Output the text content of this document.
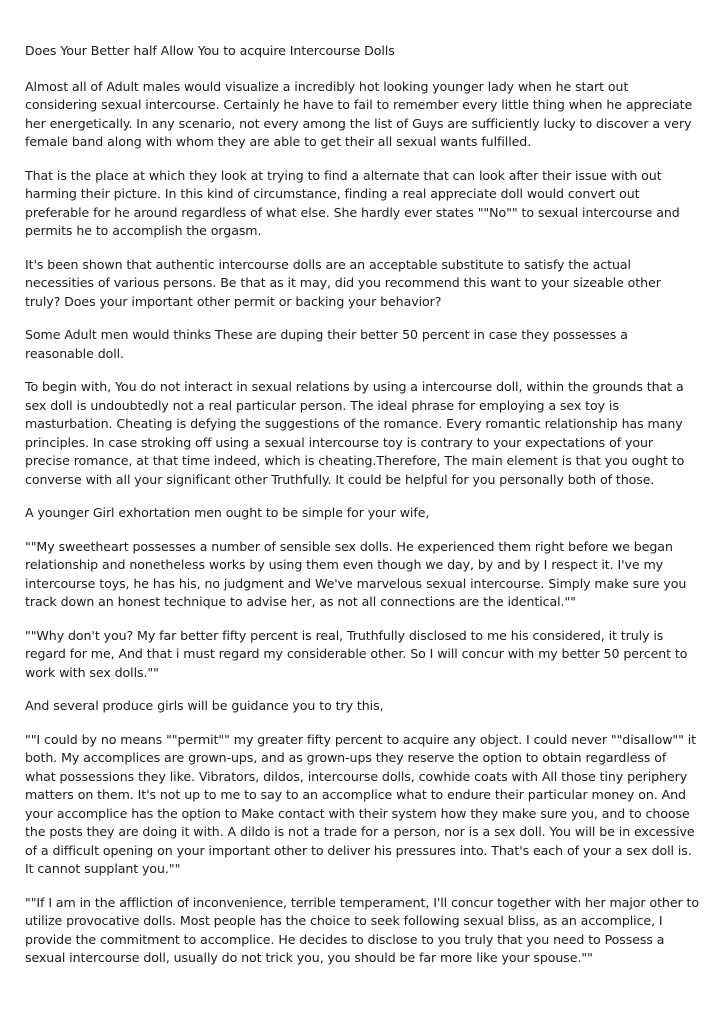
Does Your Better half Allow You to acquire Intercourse Dolls

Almost all of Adult males would visualize a incredibly hot looking younger lady when he start out considering sexual intercourse. Certainly he have to fail to remember every little thing when he appreciate her energetically. In any scenario, not every among the list of Guys are sufficiently lucky to discover a very female band along with whom they are able to get their all sexual wants fulfilled.

That is the place at which they look at trying to find a alternate that can look after their issue with out harming their picture. In this kind of circumstance, finding a real appreciate doll would convert out preferable for he around regardless of what else. She hardly ever states ""No"" to sexual intercourse and permits he to accomplish the orgasm.

It's been shown that authentic intercourse dolls are an acceptable substitute to satisfy the actual necessities of various persons. Be that as it may, did you recommend this want to your sizeable other truly? Does your important other permit or backing your behavior?

Some Adult men would thinks These are duping their better 50 percent in case they possesses a reasonable doll.

To begin with, You do not interact in sexual relations by using a intercourse doll, within the grounds that a sex doll is undoubtedly not a real particular person. The ideal phrase for employing a sex toy is masturbation. Cheating is defying the suggestions of the romance. Every romantic relationship has many principles. In case stroking off using a sexual intercourse toy is contrary to your expectations of your precise romance, at that time indeed, which is cheating.Therefore, The main element is that you ought to converse with all your significant other Truthfully. It could be helpful for you personally both of those.

A younger Girl exhortation men ought to be simple for your wife,

""My sweetheart possesses a number of sensible sex dolls. He experienced them right before we began relationship and nonetheless works by using them even though we day, by and by I respect it. I've my intercourse toys, he has his, no judgment and We've marvelous sexual intercourse. Simply make sure you track down an honest technique to advise her, as not all connections are the identical.""

""Why don't you? My far better fifty percent is real, Truthfully disclosed to me his considered, it truly is regard for me, And that i must regard my considerable other. So I will concur with my better 50 percent to work with sex dolls.""

And several produce girls will be guidance you to try this,

""I could by no means ""permit"" my greater fifty percent to acquire any object. I could never ""disallow"" it both. My accomplices are grown-ups, and as grown-ups they reserve the option to obtain regardless of what possessions they like. Vibrators, dildos, intercourse dolls, cowhide coats with All those tiny periphery matters on them. It's not up to me to say to an accomplice what to endure their particular money on. And your accomplice has the option to Make contact with their system how they make sure you, and to choose the posts they are doing it with. A dildo is not a trade for a person, nor is a sex doll. You will be in excessive of a difficult opening on your important other to deliver his pressures into. That's each of your a sex doll is. It cannot supplant you.""

""If I am in the affliction of inconvenience, terrible temperament, I'll concur together with her major other to utilize provocative dolls. Most people has the choice to seek following sexual bliss, as an accomplice, I provide the commitment to accomplice. He decides to disclose to you truly that you need to Possess a sexual intercourse doll, usually do not trick you, you should be far more like your spouse.""
